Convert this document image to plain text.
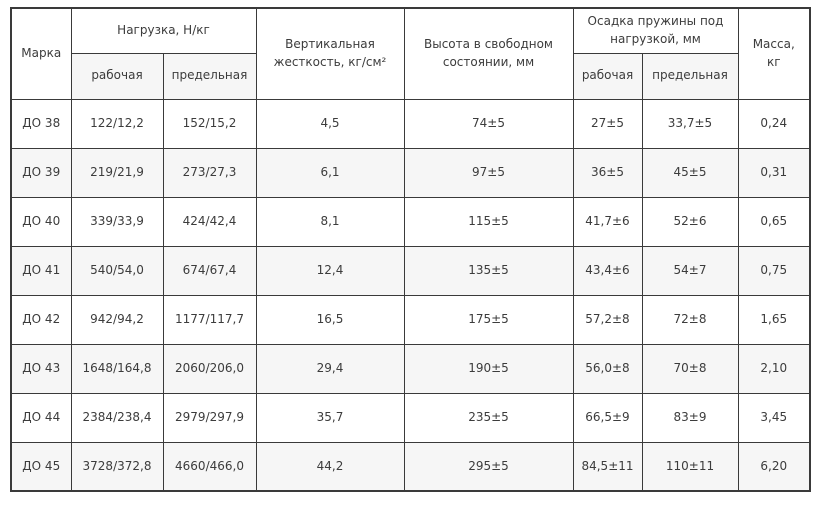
Марка	Нагрузка, Н/кг		Вертикальная жесткость, кг/см²	Высота в свободном состоянии, мм	Осадка пружины под нагрузкой, мм		Масса, кг
	рабочая	предельная			рабочая	предельная	
ДО 38	122/12,2	152/15,2	4,5	74±5	27±5	33,7±5	0,24
ДО 39	219/21,9	273/27,3	6,1	97±5	36±5	45±5	0,31
ДО 40	339/33,9	424/42,4	8,1	115±5	41,7±6	52±6	0,65
ДО 41	540/54,0	674/67,4	12,4	135±5	43,4±6	54±7	0,75
ДО 42	942/94,2	1177/117,7	16,5	175±5	57,2±8	72±8	1,65
ДО 43	1648/164,8	2060/206,0	29,4	190±5	56,0±8	70±8	2,10
ДО 44	2384/238,4	2979/297,9	35,7	235±5	66,5±9	83±9	3,45
ДО 45	3728/372,8	4660/466,0	44,2	295±5	84,5±11	110±11	6,20
